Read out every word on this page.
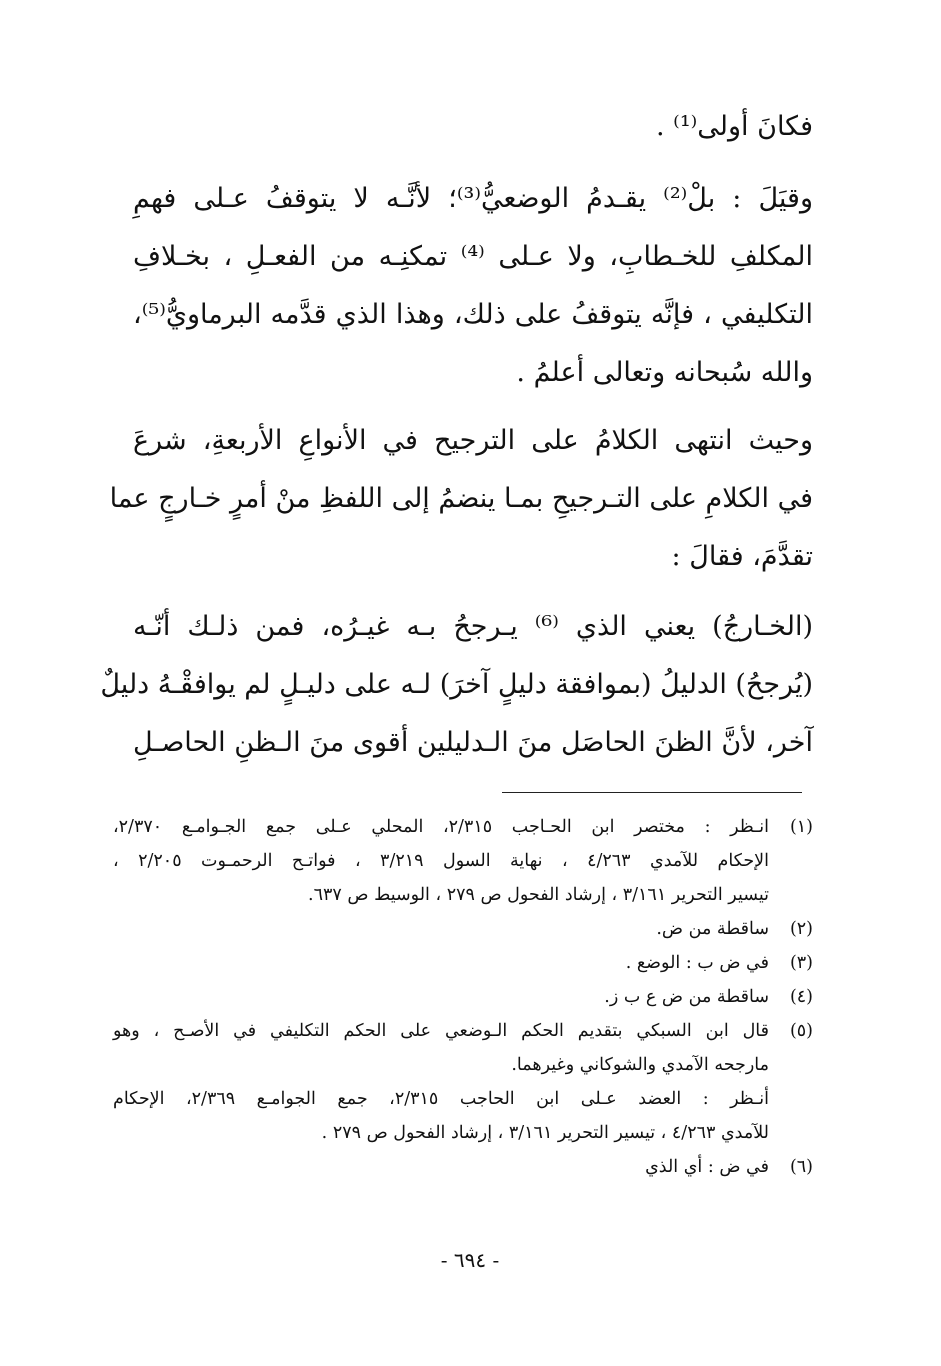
فكانَ أولى⁽¹⁾ .
وقيَلَ : بلْ⁽²⁾ يقـدمُ الوضعيُّ⁽³⁾؛ لأنَّـه لا يتوقفُ عـلى فهمِ
المكلفِ للخـطابِ، ولا عـلى ⁽⁴⁾ تمكنِـه من الفعـلِ ، بخـلافِ
التكليفي ، فإنَّه يتوقفُ على ذلك، وهذا الذي قدَّمه البرماويُّ⁽⁵⁾،
والله سُبحانه وتعالى أعلمُ .
وحيث انتهى الكلامُ على الترجيح في الأنواعِ الأربعةِ، شرعَ
في الكلامِ على التـرجيحِ بمـا ينضمُ إلى اللفظِ منْ أمرٍ خـارجٍ عما
تقدَّمَ، فقالَ :
(الخـارجُ) يعني الذي ⁽⁶⁾ يـرجحُ بـه غيـرُه، فمن ذلـك أنّـه
(يُرجحُ) الدليلُ (بموافقة دليلٍ آخرَ) لـه على دليـلٍ لم يوافقْـهُ دليلٌ
آخر، لأنَّ الظنَ الحاصَل منَ الـدليلين أقوى منَ الـظنِ الحاصـلِ
(١)
انـظر : مختصر ابن الحـاجب ٢/٣١٥، المحلي عـلى جمع الجـوامـع ٢/٣٧٠،
الإحكام للآمدي ٤/٢٦٣ ، نهاية السول ٣/٢١٩ ، فواتـح الرحمـوت ٢/٢٠٥ ،
تيسير التحرير ٣/١٦١ ، إرشاد الفحول ص ٢٧٩ ، الوسيط ص ٦٣٧.
(٢)
ساقطة من ض.
(٣)
في ض ب : الوضع .
(٤)
ساقطة من ض ع ب ز.
(٥)
قال ابن السبكي بتقديم الحكم الـوضعي على الحكم التكليفي في الأصـح ، وهو
مارجحه الآمدي والشوكاني وغيرهما.
أنـظر : العضد عـلى ابن الحاجب ٢/٣١٥، جمع الجوامـع ٢/٣٦٩، الإحكام
للآمدي ٤/٢٦٣ ، تيسير التحرير ٣/١٦١ ، إرشاد الفحول ص ٢٧٩ .
(٦)
في ض : أي الذي
- ٦٩٤ -
